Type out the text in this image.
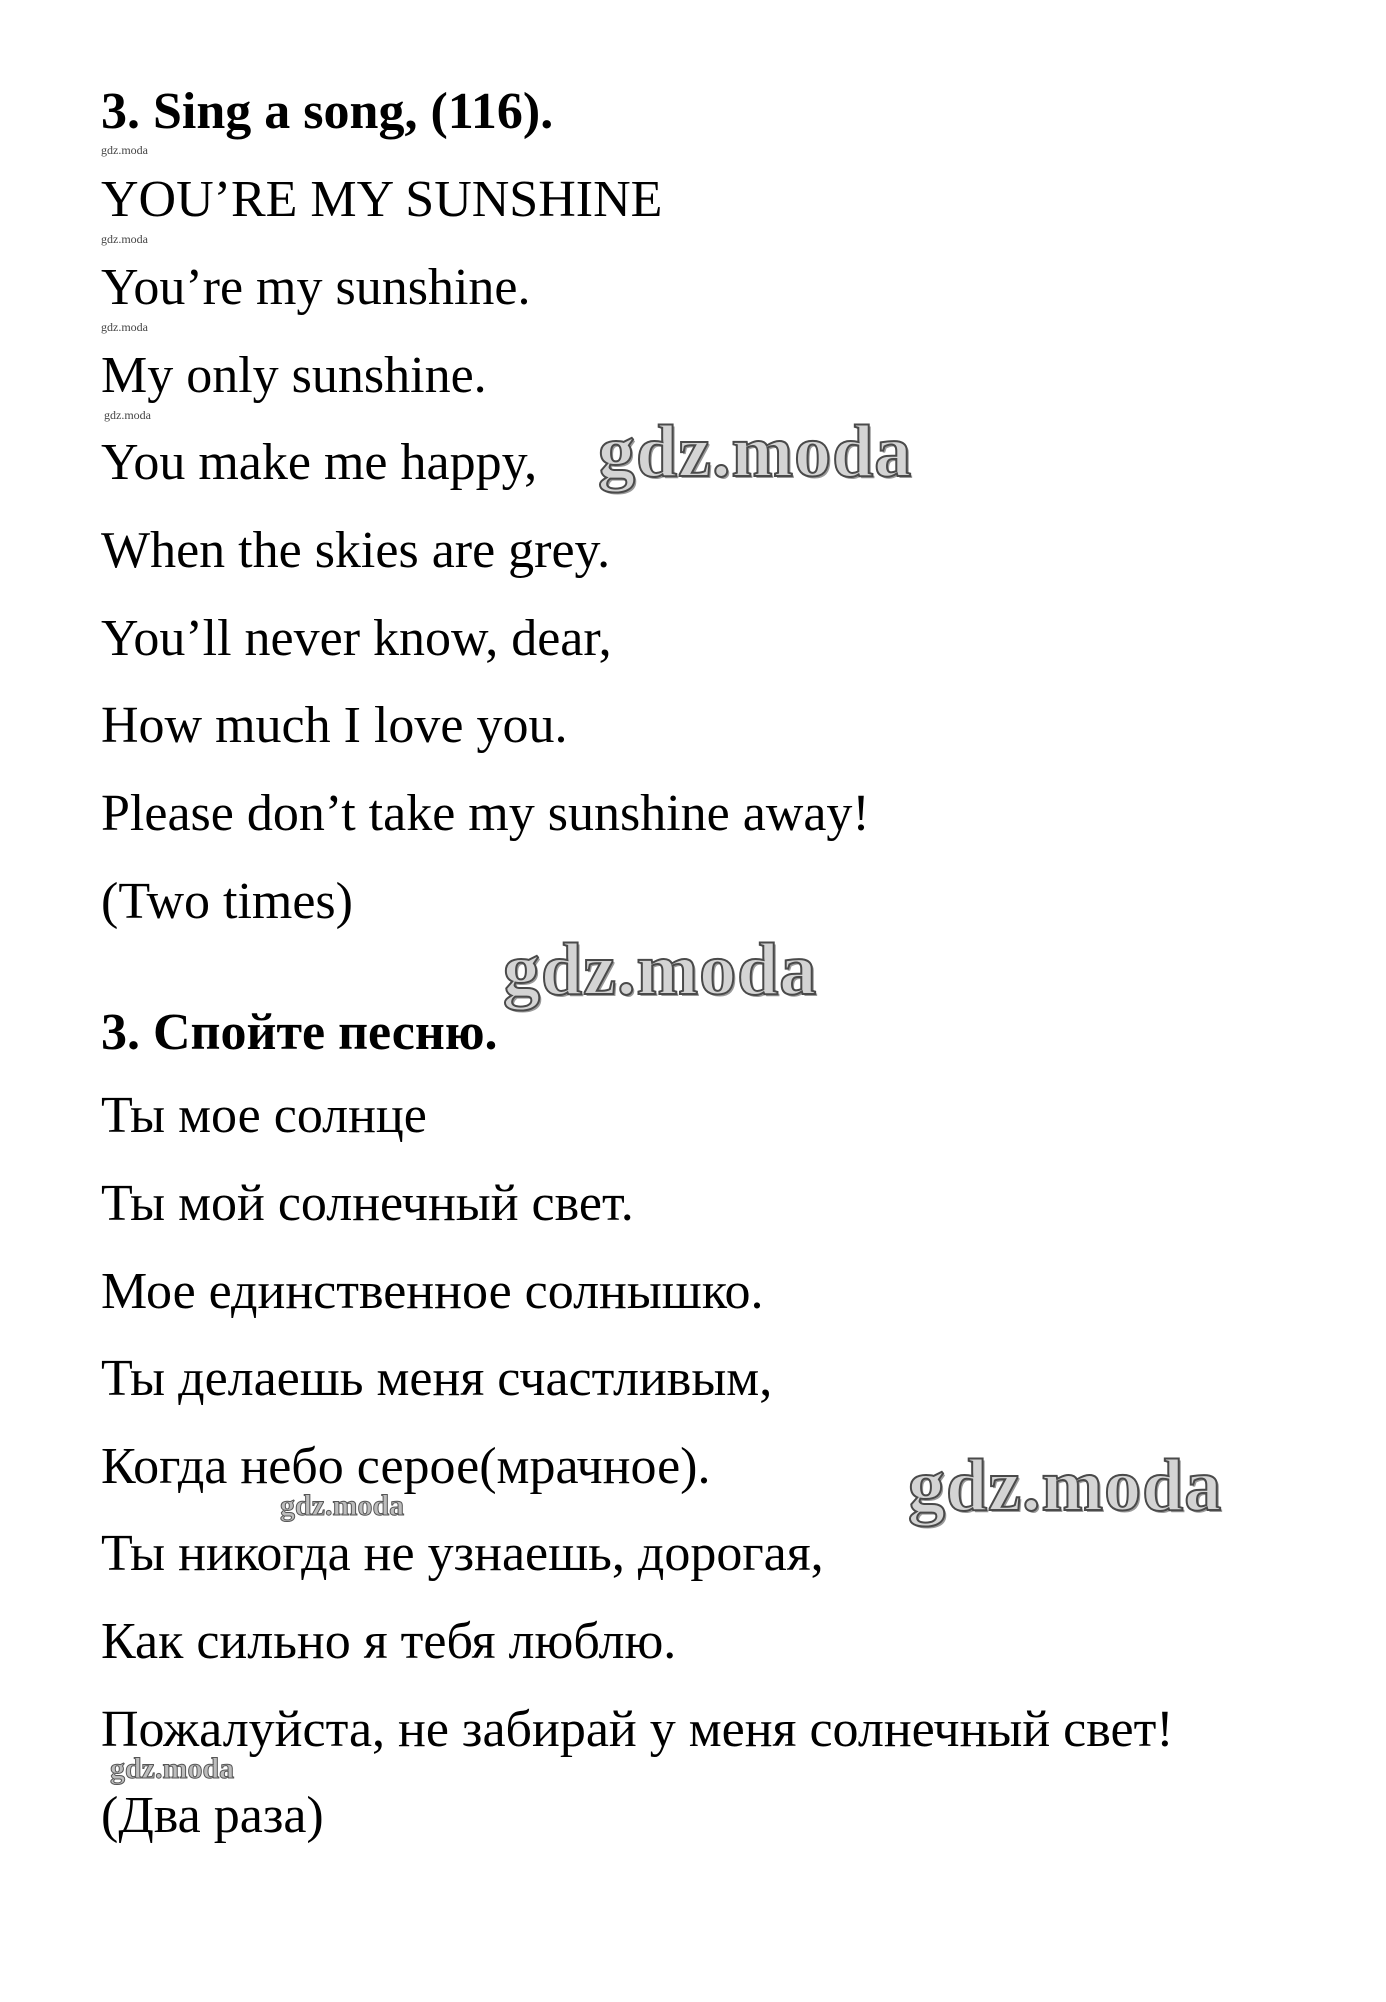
3. Sing a song, (116).

gdz.moda

YOU’RE MY SUNSHINE

gdz.moda

You’re my sunshine.

gdz.moda

My only sunshine.

gdz.moda

You make me happy, gdz.moda

When the skies are grey.

You’ll never know, dear,

How much I love you.

Please don’t take my sunshine away!

(Two times)

gdz.moda

3. Спойте песню.

Ты мое солнце

Ты мой солнечный свет.

Мое единственное солнышко.

Ты делаешь меня счастливым,

Когда небо серое(мрачное).	gdz.moda
gdz.moda

Ты никогда не узнаешь, дорогая,

Как сильно я тебя люблю.

Пожалуйста, не забирай у меня солнечный свет!

gdz.moda

(Два раза)
